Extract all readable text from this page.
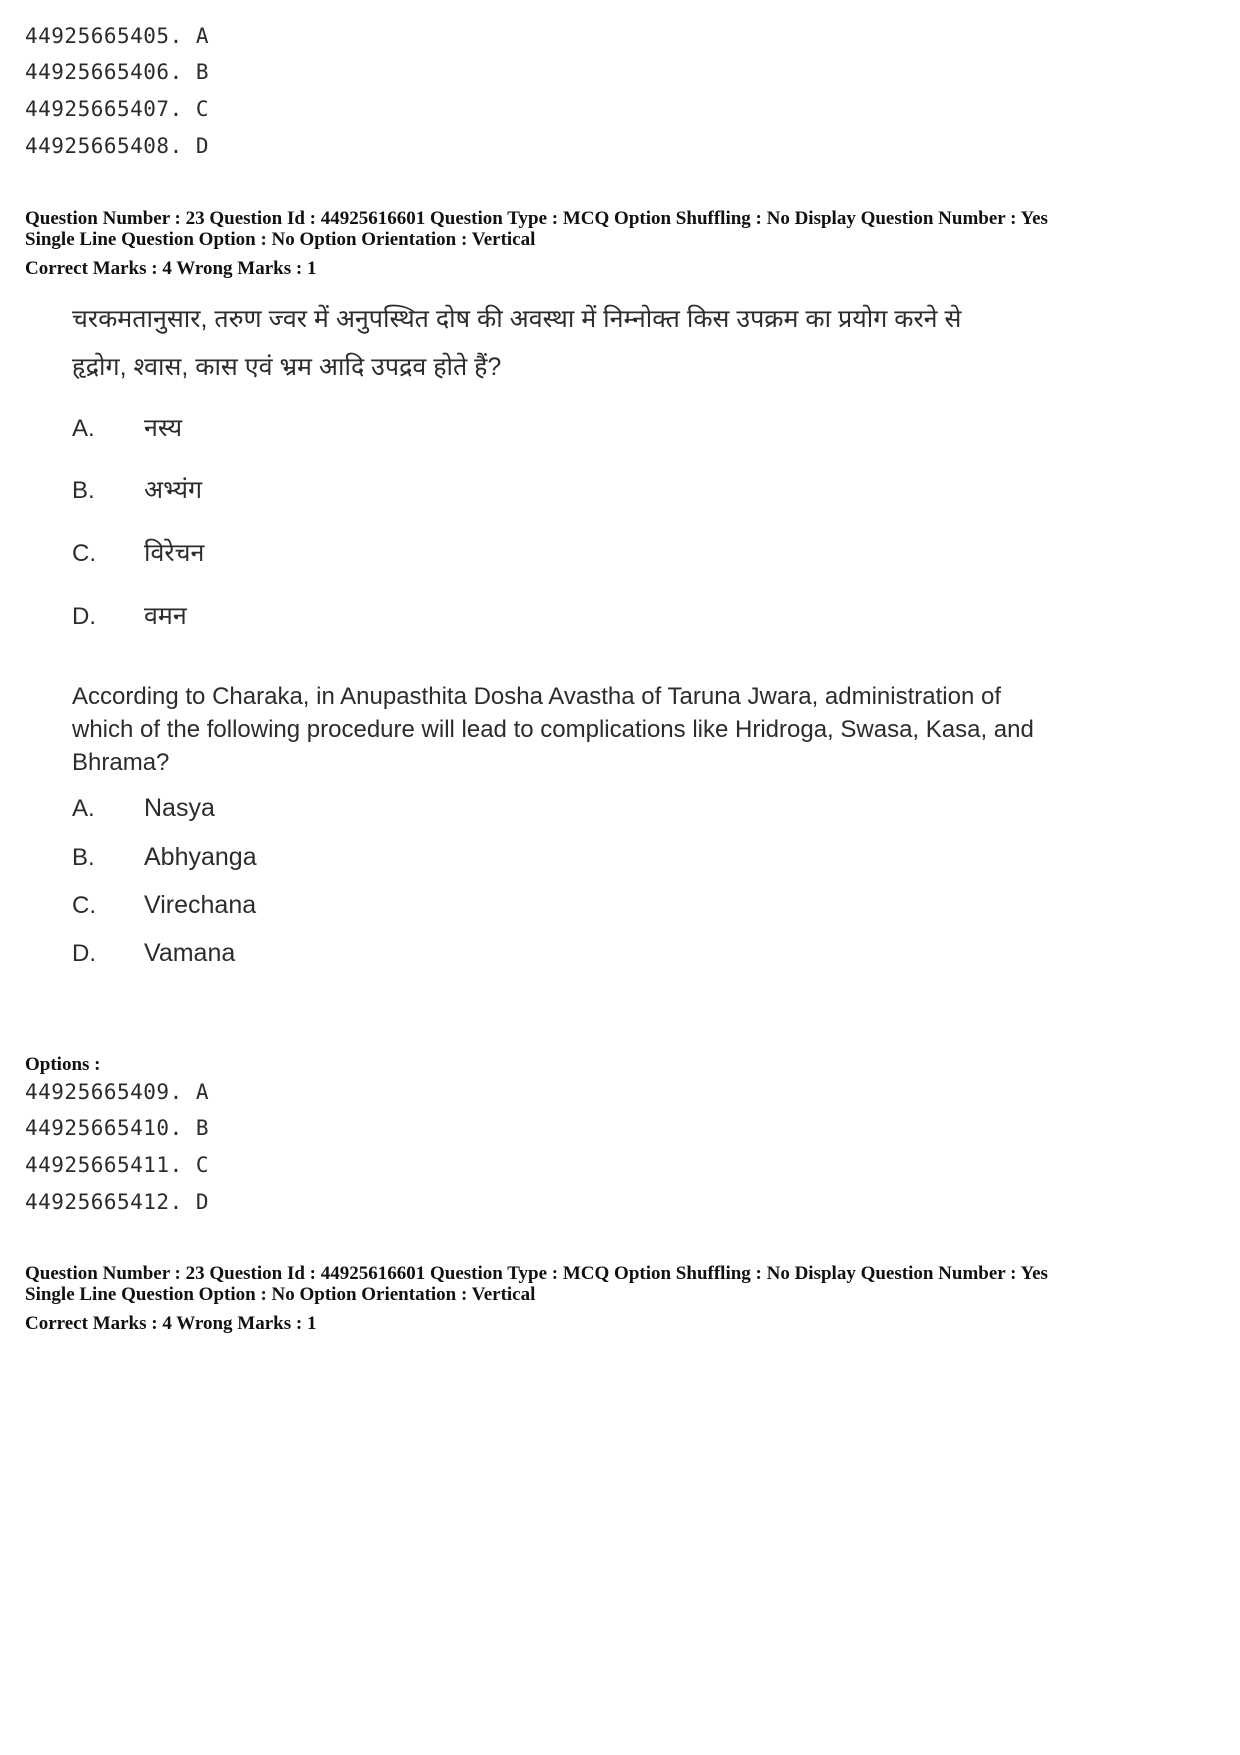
44925665405. A
44925665406. B
44925665407. C
44925665408. D
Question Number : 23 Question Id : 44925616601 Question Type : MCQ Option Shuffling : No Display Question Number : Yes
Single Line Question Option : No Option Orientation : Vertical
Correct Marks : 4 Wrong Marks : 1
चरकमतानुसार, तरुण ज्वर में अनुपस्थित दोष की अवस्था में निम्नोक्त किस उपक्रम का प्रयोग करने से
हृद्रोग, श्वास, कास एवं भ्रम आदि उपद्रव होते हैं?
A. नस्य
B. अभ्यंग
C. विरेचन
D. वमन
According to Charaka, in Anupasthita Dosha Avastha of Taruna Jwara, administration of
which of the following procedure will lead to complications like Hridroga, Swasa, Kasa, and
Bhrama?
A. Nasya
B. Abhyanga
C. Virechana
D. Vamana
Options :
44925665409. A
44925665410. B
44925665411. C
44925665412. D
Question Number : 23 Question Id : 44925616601 Question Type : MCQ Option Shuffling : No Display Question Number : Yes
Single Line Question Option : No Option Orientation : Vertical
Correct Marks : 4 Wrong Marks : 1
